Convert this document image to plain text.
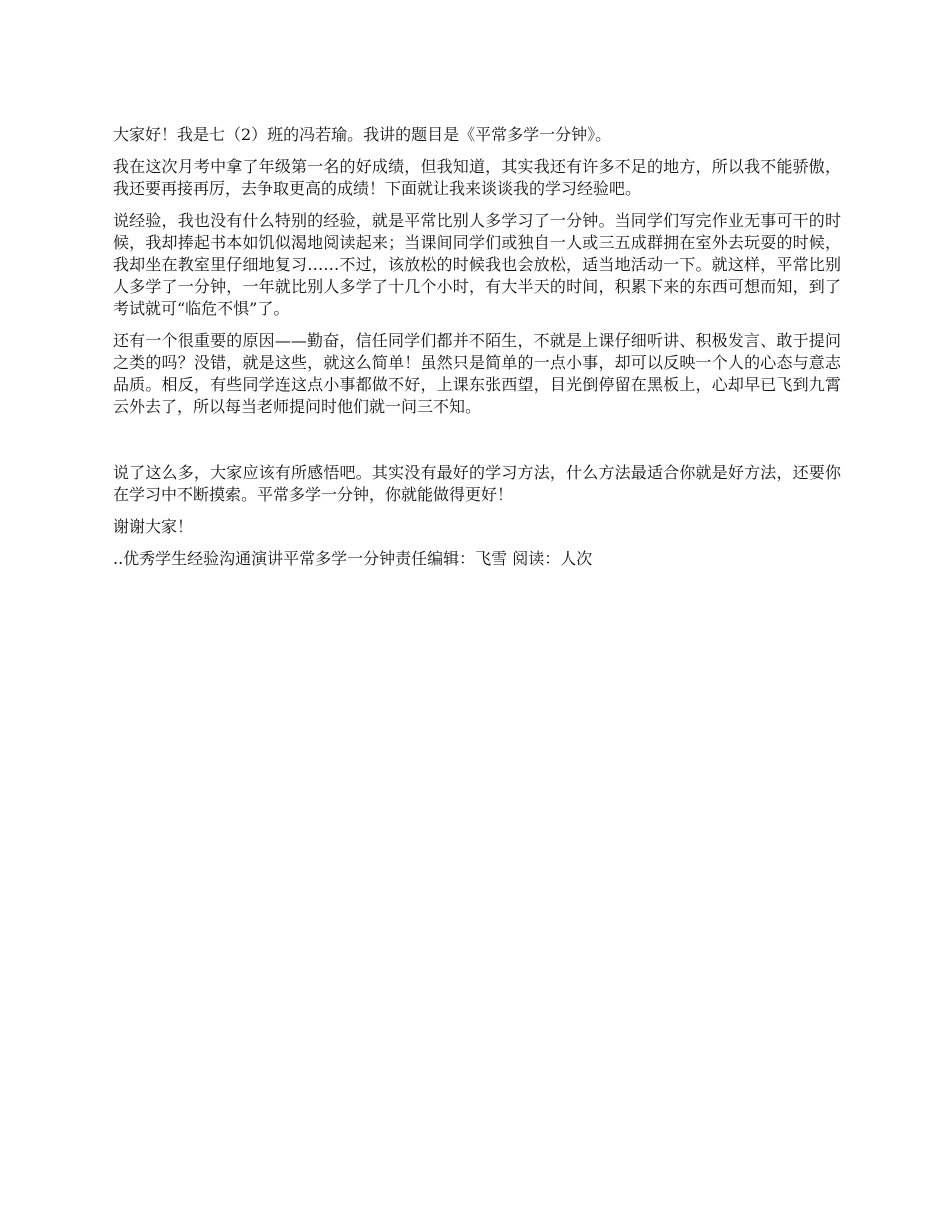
大家好！我是七（2）班的冯若瑜。我讲的题目是《平常多学一分钟》。

我在这次月考中拿了年级第一名的好成绩，但我知道，其实我还有许多不足的地方，所以我不能骄傲，我还要再接再厉，去争取更高的成绩！下面就让我来谈谈我的学习经验吧。

说经验，我也没有什么特别的经验，就是平常比别人多学习了一分钟。当同学们写完作业无事可干的时候，我却捧起书本如饥似渴地阅读起来；当课间同学们或独自一人或三五成群拥在室外去玩耍的时候，我却坐在教室里仔细地复习……不过，该放松的时候我也会放松，适当地活动一下。就这样，平常比别人多学了一分钟，一年就比别人多学了十几个小时，有大半天的时间，积累下来的东西可想而知，到了考试就可“临危不惧”了。

还有一个很重要的原因——勤奋，信任同学们都并不陌生，不就是上课仔细听讲、积极发言、敢于提问之类的吗？没错，就是这些，就这么简单！虽然只是简单的一点小事，却可以反映一个人的心态与意志品质。相反，有些同学连这点小事都做不好，上课东张西望，目光倒停留在黑板上，心却早已飞到九霄云外去了，所以每当老师提问时他们就一问三不知。

说了这么多，大家应该有所感悟吧。其实没有最好的学习方法，什么方法最适合你就是好方法，还要你在学习中不断摸索。平常多学一分钟，你就能做得更好！

谢谢大家！

..优秀学生经验沟通演讲平常多学一分钟责任编辑：飞雪 阅读：人次
